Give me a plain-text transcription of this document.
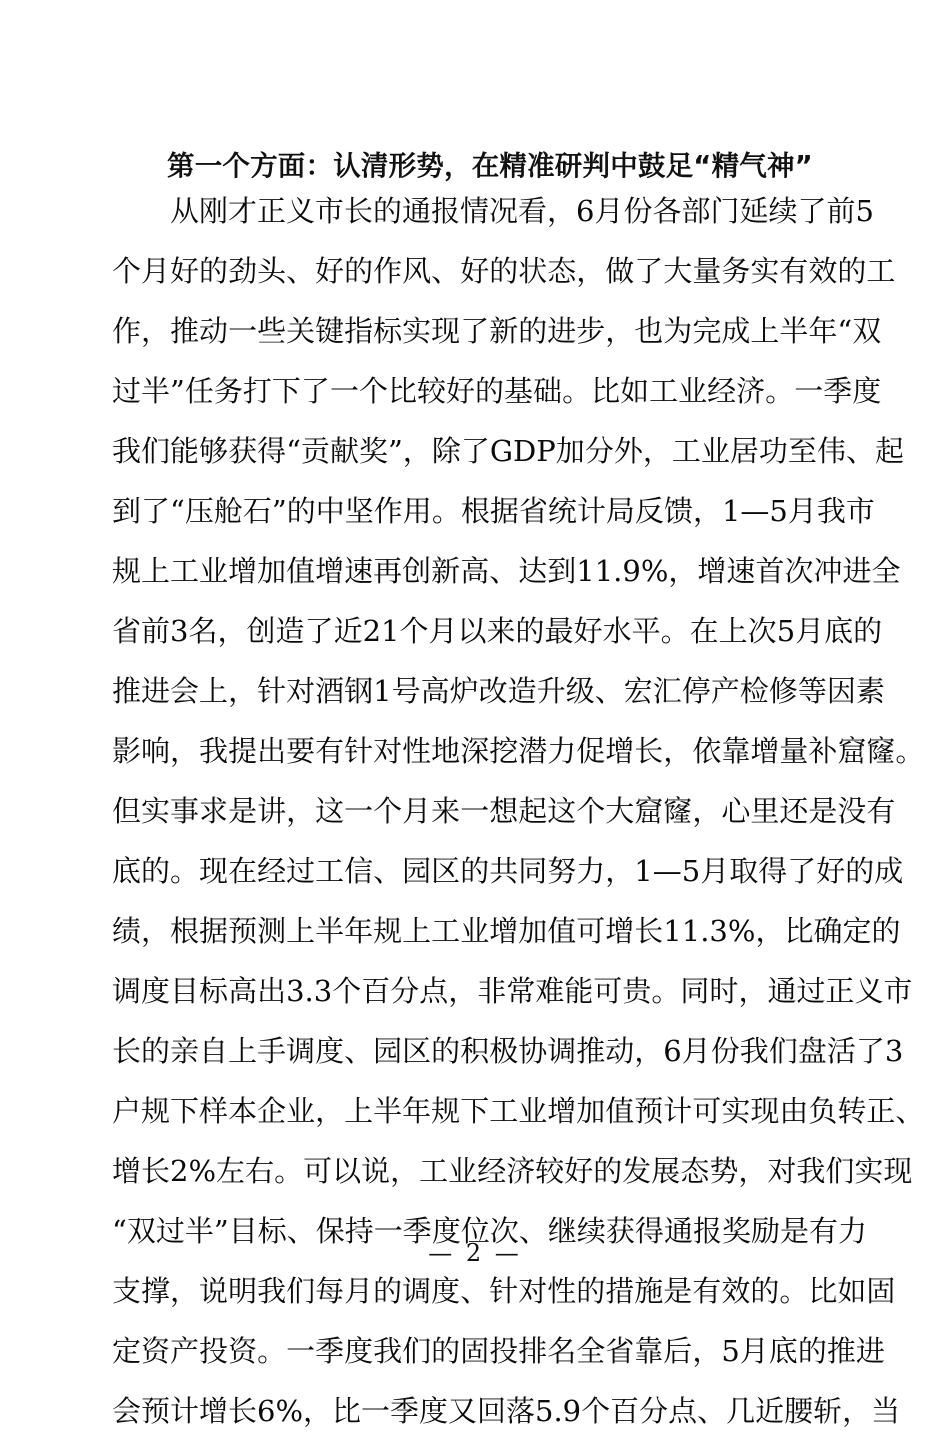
第一个方面：认清形势，在精准研判中鼓足“精气神”
　　从刚才正义市长的通报情况看，6月份各部门延续了前5
个 月 好 的 劲 头 、 好 的 作 风 、 好 的 状 态 ， 做 了 大 量 务 实 有 效 的 工
作 ， 推 动 一 些 关 键 指 标 实 现 了 新 的 进 步 ， 也 为 完 成 上 半 年 “ 双
过 半 ” 任 务 打 下 了 一 个 比 较 好 的 基 础 。 比 如 工 业 经 济 。 一 季 度
我 们 能 够 获 得 “ 贡 献 奖 ” ， 除 了 G D P 加 分 外 ， 工 业 居 功 至 伟 、 起
到 了 “ 压 舱 石 ” 的 中 坚 作 用 。 根 据 省 统 计 局 反 馈 ， 1 — 5 月 我 市
规 上 工 业 增 加 值 增 速 再 创 新 高 、 达 到 1 1 . 9 % ， 增 速 首 次 冲 进 全
省 前 3 名 ， 创 造 了 近 2 1 个 月 以 来 的 最 好 水 平 。 在 上 次 5 月 底 的
推 进 会 上 ， 针 对 酒 钢 1 号 高 炉 改 造 升 级 、 宏 汇 停 产 检 修 等 因 素
影 响 ， 我 提 出 要 有 针 对 性 地 深 挖 潜 力 促 增 长 ， 依 靠 增 量 补 窟 窿 。
但 实 事 求 是 讲 ， 这 一 个 月 来 一 想 起 这 个 大 窟 窿 ， 心 里 还 是 没 有
底 的 。 现 在 经 过 工 信 、 园 区 的 共 同 努 力 ， 1 — 5 月 取 得 了 好 的 成
绩 ， 根 据 预 测 上 半 年 规 上 工 业 增 加 值 可 增 长 1 1 . 3 % ， 比 确 定 的
调 度 目 标 高 出 3 . 3 个 百 分 点 ， 非 常 难 能 可 贵 。 同 时 ， 通 过 正 义 市
长 的 亲 自 上 手 调 度 、 园 区 的 积 极 协 调 推 动 ， 6 月 份 我 们 盘 活 了 3
户 规 下 样 本 企 业 ， 上 半 年 规 下 工 业 增 加 值 预 计 可 实 现 由 负 转 正 、
增 长 2 % 左 右 。 可 以 说 ， 工 业 经 济 较 好 的 发 展 态 势 ， 对 我 们 实 现
“ 双 过 半 ” 目 标 、 保 持 一 季 度 位 次 、 继 续 获 得 通 报 奖 励 是 有 力
支 撑 ， 说 明 我 们 每 月 的 调 度 、 针 对 性 的 措 施 是 有 效 的 。 比 如 固
定 资 产 投 资 。 一 季 度 我 们 的 固 投 排 名 全 省 靠 后 ， 5 月 底 的 推 进
会预计增长6%，比一季度又回落5.9个百分点、几近腰斩，当
— 2 —
